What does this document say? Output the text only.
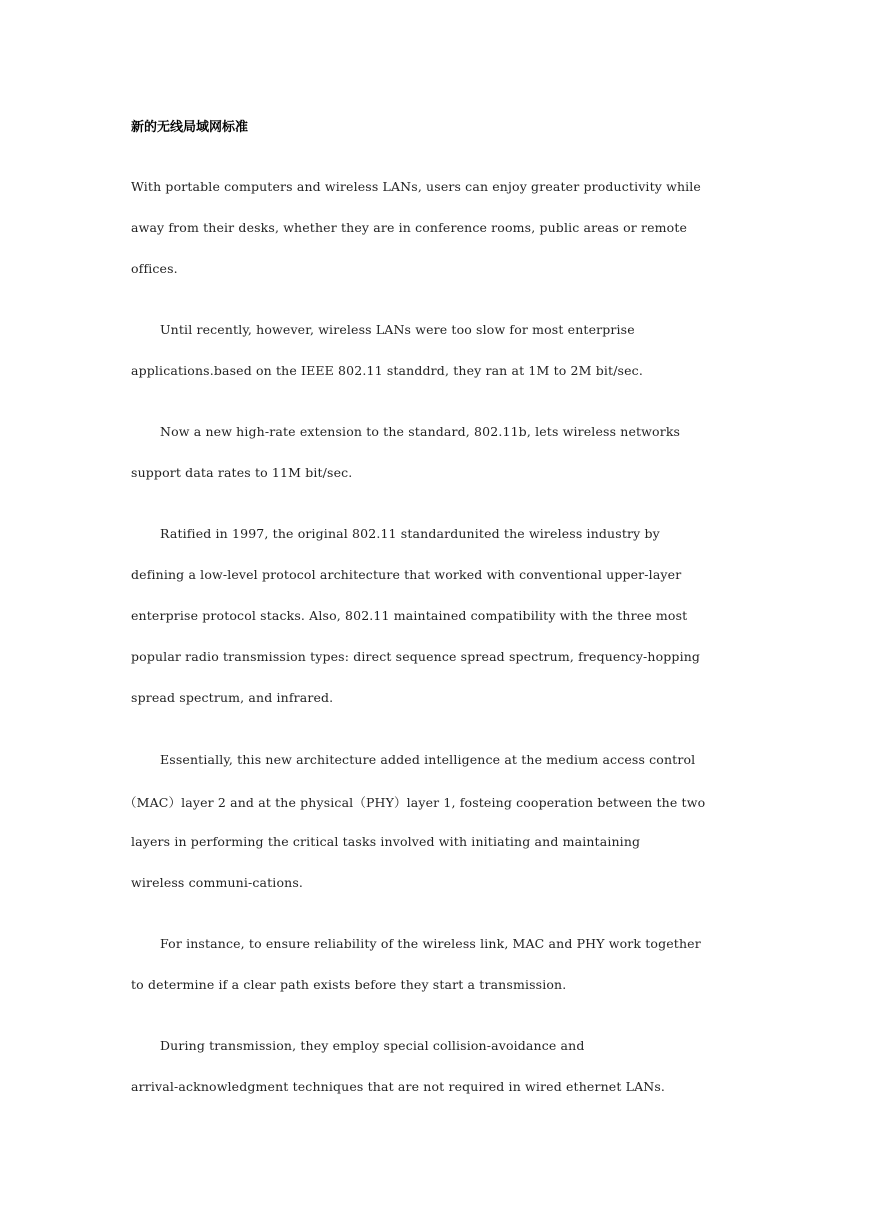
新的无线局域网标准
With portable computers and wireless LANs, users can enjoy greater productivity while
away from their desks, whether they are in conference rooms, public areas or remote
offices.
Until recently, however, wireless LANs were too slow for most enterprise
applications.based on the IEEE 802.11 standdrd, they ran at 1M to 2M bit/sec.
Now a new high-rate extension to the standard, 802.11b, lets wireless networks
support data rates to 11M bit/sec.
Ratified in 1997, the original 802.11 standardunited the wireless industry by
defining a low-level protocol architecture that worked with conventional upper-layer
enterprise protocol stacks. Also, 802.11 maintained compatibility with the three most
popular radio transmission types: direct sequence spread spectrum, frequency-hopping
spread spectrum, and infrared.
Essentially, this new architecture added intelligence at the medium access control
（MAC）layer 2 and at the physical（PHY）layer 1, fosteing cooperation between the two
layers in performing the critical tasks involved with initiating and maintaining
wireless communi-cations.
For instance, to ensure reliability of the wireless link, MAC and PHY work together
to determine if a clear path exists before they start a transmission.
During transmission, they employ special collision-avoidance and
arrival-acknowledgment techniques that are not required in wired ethernet LANs.
